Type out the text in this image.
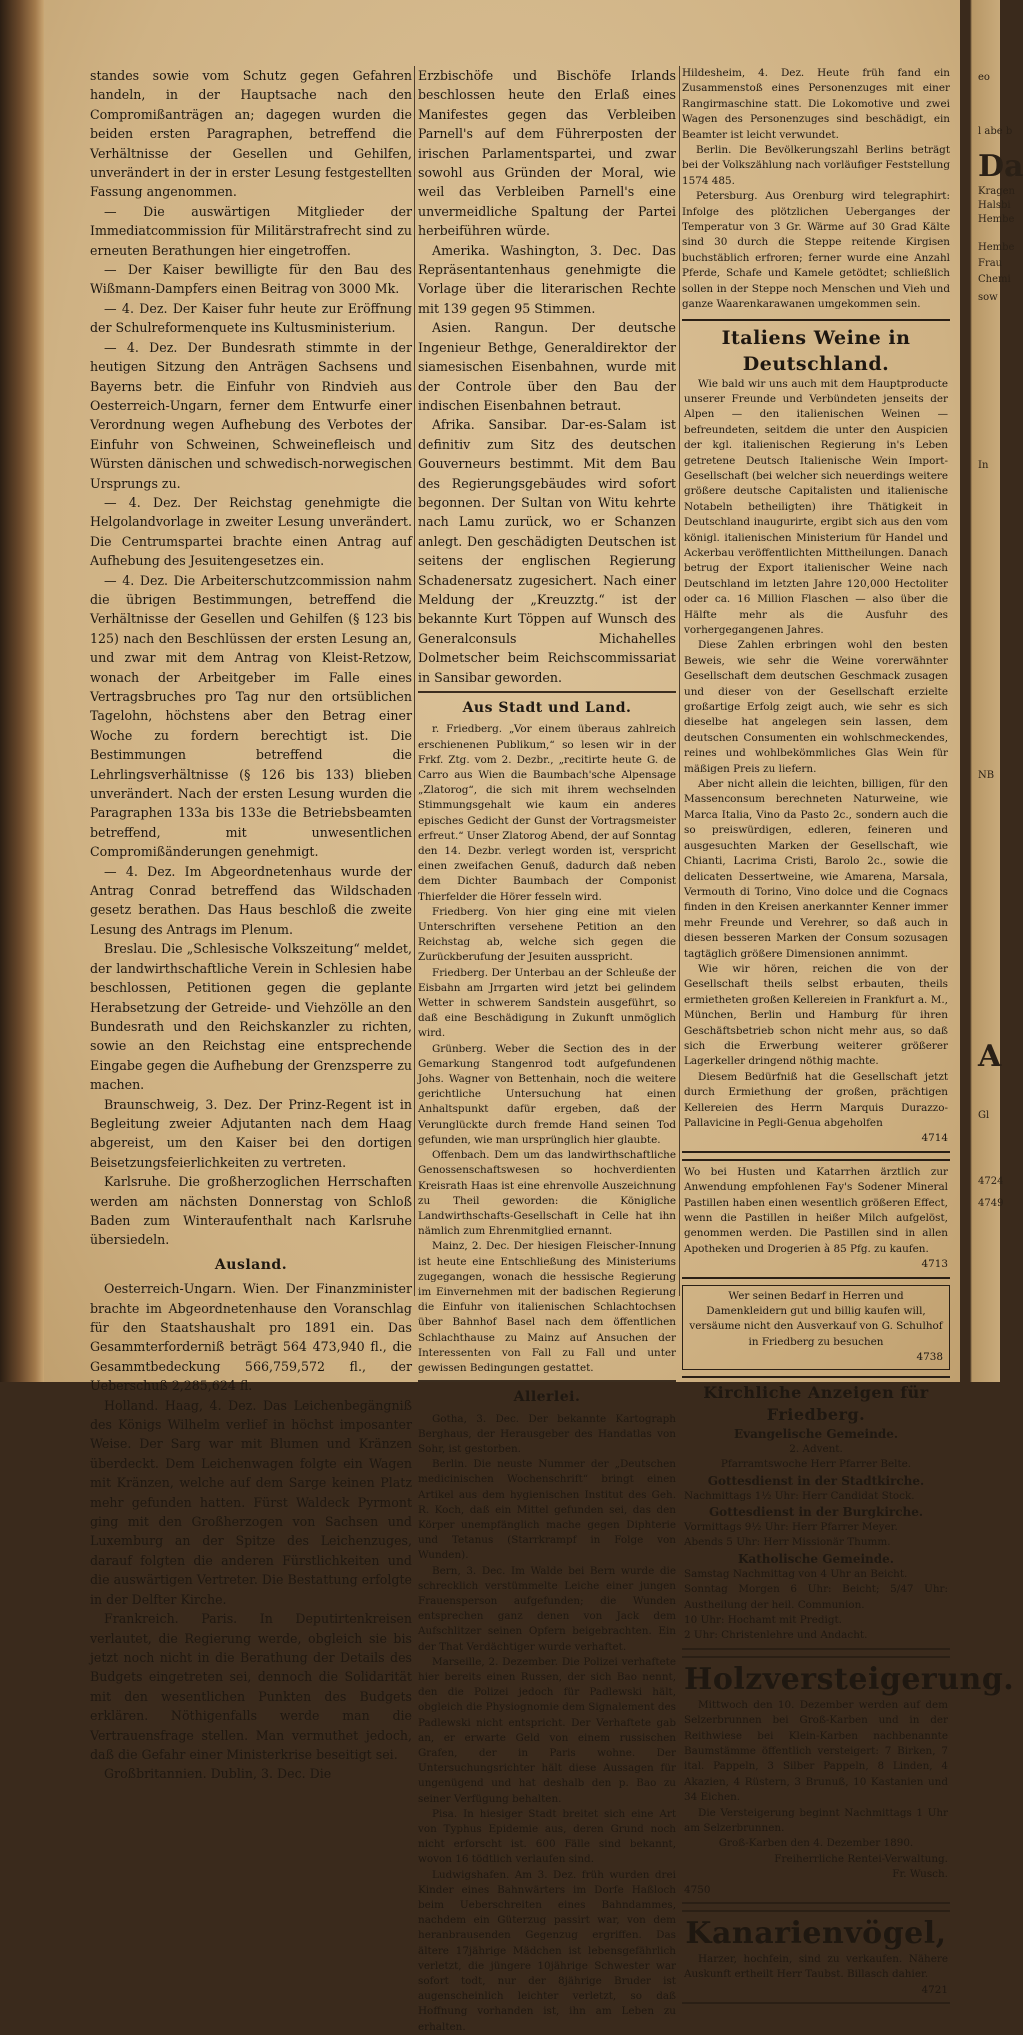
standes sowie vom Schutz gegen Gefahren handeln, in der Hauptsache nach den Compromißanträgen an; dagegen wurden die beiden ersten Paragraphen, betreffend die Verhältnisse der Gesellen und Gehilfen, unverändert in der in erster Lesung festgestellten Fassung angenommen.

— Die auswärtigen Mitglieder der Immediatcommission für Militärstrafrecht sind zu erneuten Berathungen hier eingetroffen.

— Der Kaiser bewilligte für den Bau des Wißmann-Dampfers einen Beitrag von 3000 Mk.

— 4. Dez. Der Kaiser fuhr heute zur Eröffnung der Schulreformenquete ins Kultusministerium.

— 4. Dez. Der Bundesrath stimmte in der heutigen Sitzung den Anträgen Sachsens und Bayerns betr. die Einfuhr von Rindvieh aus Oesterreich-Ungarn, ferner dem Entwurfe einer Verordnung wegen Aufhebung des Verbotes der Einfuhr von Schweinen, Schweinefleisch und Würsten dänischen und schwedisch-norwegischen Ursprungs zu.

— 4. Dez. Der Reichstag genehmigte die Helgolandvorlage in zweiter Lesung unverändert. Die Centrumspartei brachte einen Antrag auf Aufhebung des Jesuitengesetzes ein.

— 4. Dez. Die Arbeiterschutzcommission nahm die übrigen Bestimmungen, betreffend die Verhältnisse der Gesellen und Gehilfen (§ 123 bis 125) nach den Beschlüssen der ersten Lesung an, und zwar mit dem Antrag von Kleist-Retzow, wonach der Arbeitgeber im Falle eines Vertragsbruches pro Tag nur den ortsüblichen Tagelohn, höchstens aber den Betrag einer Woche zu fordern berechtigt ist. Die Bestimmungen betreffend die Lehrlingsverhältnisse (§ 126 bis 133) blieben unverändert. Nach der ersten Lesung wurden die Paragraphen 133a bis 133e die Betriebsbeamten betreffend, mit unwesentlichen Compromißänderungen genehmigt.

— 4. Dez. Im Abgeordnetenhaus wurde der Antrag Conrad betreffend das Wildschaden gesetz berathen. Das Haus beschloß die zweite Lesung des Antrags im Plenum.

Breslau. Die „Schlesische Volkszeitung“ meldet, der landwirthschaftliche Verein in Schlesien habe beschlossen, Petitionen gegen die geplante Herabsetzung der Getreide- und Viehzölle an den Bundesrath und den Reichskanzler zu richten, sowie an den Reichstag eine entsprechende Eingabe gegen die Aufhebung der Grenzsperre zu machen.

Braunschweig, 3. Dez. Der Prinz-Regent ist in Begleitung zweier Adjutanten nach dem Haag abgereist, um den Kaiser bei den dortigen Beisetzungsfeierlichkeiten zu vertreten.

Karlsruhe. Die großherzoglichen Herrschaften werden am nächsten Donnerstag von Schloß Baden zum Winteraufenthalt nach Karlsruhe übersiedeln.

Ausland.

Oesterreich-Ungarn. Wien. Der Finanzminister brachte im Abgeordnetenhause den Voranschlag für den Staatshaushalt pro 1891 ein. Das Gesammterforderniß beträgt 564 473,940 fl., die Gesammtbedeckung 566,759,572 fl., der Ueberschuß 2,285,624 fl.

Holland. Haag, 4. Dez. Das Leichenbegängniß des Königs Wilhelm verlief in höchst imposanter Weise. Der Sarg war mit Blumen und Kränzen überdeckt. Dem Leichenwagen folgte ein Wagen mit Kränzen, welche auf dem Sarge keinen Platz mehr gefunden hatten. Fürst Waldeck Pyrmont ging mit den Großherzogen von Sachsen und Luxemburg an der Spitze des Leichenzuges, darauf folgten die anderen Fürstlichkeiten und die auswärtigen Vertreter. Die Bestattung erfolgte in der Delfter Kirche.

Frankreich. Paris. In Deputirtenkreisen verlautet, die Regierung werde, obgleich sie bis jetzt noch nicht in die Berathung der Details des Budgets eingetreten sei, dennoch die Solidarität mit den wesentlichen Punkten des Budgets erklären. Nöthigenfalls werde man die Vertrauensfrage stellen. Man vermuthet jedoch, daß die Gefahr einer Ministerkrise beseitigt sei.

Großbritannien. Dublin, 3. Dec. Die

Erzbischöfe und Bischöfe Irlands beschlossen heute den Erlaß eines Manifestes gegen das Verbleiben Parnell's auf dem Führerposten der irischen Parlamentspartei, und zwar sowohl aus Gründen der Moral, wie weil das Verbleiben Parnell's eine unvermeidliche Spaltung der Partei herbeiführen würde.

Amerika. Washington, 3. Dec. Das Repräsentantenhaus genehmigte die Vorlage über die literarischen Rechte mit 139 gegen 95 Stimmen.

Asien. Rangun. Der deutsche Ingenieur Bethge, Generaldirektor der siamesischen Eisenbahnen, wurde mit der Controle über den Bau der indischen Eisenbahnen betraut.

Afrika. Sansibar. Dar-es-Salam ist definitiv zum Sitz des deutschen Gouverneurs bestimmt. Mit dem Bau des Regierungsgebäudes wird sofort begonnen. Der Sultan von Witu kehrte nach Lamu zurück, wo er Schanzen anlegt. Den geschädigten Deutschen ist seitens der englischen Regierung Schadenersatz zugesichert. Nach einer Meldung der „Kreuzztg.“ ist der bekannte Kurt Töppen auf Wunsch des Generalconsuls Michahelles Dolmetscher beim Reichscommissariat in Sansibar geworden.

Aus Stadt und Land.

r. Friedberg. „Vor einem überaus zahlreich erschienenen Publikum,“ so lesen wir in der Frkf. Ztg. vom 2. Dezbr., „recitirte heute G. de Carro aus Wien die Baumbach'sche Alpensage „Zlatorog“, die sich mit ihrem wechselnden Stimmungsgehalt wie kaum ein anderes episches Gedicht der Gunst der Vortragsmeister erfreut.“ Unser Zlatorog Abend, der auf Sonntag den 14. Dezbr. verlegt worden ist, verspricht einen zweifachen Genuß, dadurch daß neben dem Dichter Baumbach der Componist Thierfelder die Hörer fesseln wird.

Friedberg. Von hier ging eine mit vielen Unterschriften versehene Petition an den Reichstag ab, welche sich gegen die Zurückberufung der Jesuiten ausspricht.

Friedberg. Der Unterbau an der Schleuße der Eisbahn am Jrrgarten wird jetzt bei gelindem Wetter in schwerem Sandstein ausgeführt, so daß eine Beschädigung in Zukunft unmöglich wird.

Grünberg. Weber die Section des in der Gemarkung Stangenrod todt aufgefundenen Johs. Wagner von Bettenhain, noch die weitere gerichtliche Untersuchung hat einen Anhaltspunkt dafür ergeben, daß der Verunglückte durch fremde Hand seinen Tod gefunden, wie man ursprünglich hier glaubte.

Offenbach. Dem um das landwirthschaftliche Genossenschaftswesen so hochverdienten Kreisrath Haas ist eine ehrenvolle Auszeichnung zu Theil geworden: die Königliche Landwirthschafts-Gesellschaft in Celle hat ihn nämlich zum Ehrenmitglied ernannt.

Mainz, 2. Dec. Der hiesigen Fleischer-Innung ist heute eine Entschließung des Ministeriums zugegangen, wonach die hessische Regierung im Einvernehmen mit der badischen Regierung die Einfuhr von italienischen Schlachtochsen über Bahnhof Basel nach dem öffentlichen Schlachthause zu Mainz auf Ansuchen der Interessenten von Fall zu Fall und unter gewissen Bedingungen gestattet.

Allerlei.

Gotha, 3. Dec. Der bekannte Kartograph Berghaus, der Herausgeber des Handatlas von Sohr, ist gestorben.

Berlin. Die neuste Nummer der „Deutschen medicinischen Wochenschrift“ bringt einen Artikel aus dem hygienischen Institut des Geh. R. Koch, daß ein Mittel gefunden sei, das den Körper unempfänglich mache gegen Diphterie und Tetanus (Starrkrampf in Folge von Wunden).

Bern, 3. Dec. Im Walde bei Bern wurde die schrecklich verstümmelte Leiche einer jungen Frauensperson aufgefunden; die Wunden entsprechen ganz denen von Jack dem Aufschlitzer seinen Opfern beigebrachten. Ein der That Verdächtiger wurde verhaftet.

Marseille, 2. Dezember. Die Polizei verhaftete hier bereits einen Russen, der sich Bao nennt, den die Polizei jedoch für Padlewski hält, obgleich die Physiognomie dem Signalement des Padlewski nicht entspricht. Der Verhaftete gab an, er erwarte Geld von einem russischen Grafen, der in Paris wohne. Der Untersuchungsrichter hält diese Aussagen für ungenügend und hat deshalb den p. Bao zu seiner Verfügung behalten.

Pisa. In hiesiger Stadt breitet sich eine Art von Typhus Epidemie aus, deren Grund noch nicht erforscht ist. 600 Fälle sind bekannt, wovon 16 tödtlich verlaufen sind.

Ludwigshafen. Am 3. Dez. früh wurden drei Kinder eines Bahnwärters im Dorfe Haßloch beim Ueberschreiten eines Bahndammes, nachdem ein Güterzug passirt war, von dem heranbrausenden Gegenzug ergriffen. Das ältere 17jährige Mädchen ist lebensgefährlich verletzt, die jüngere 10jährige Schwester war sofort todt, nur der 8jährige Bruder ist augenscheinlich leichter verletzt, so daß Hoffnung vorhanden ist, ihn am Leben zu erhalten.

Hildesheim, 4. Dez. Heute früh fand ein Zusammenstoß eines Personenzuges mit einer Rangirmaschine statt. Die Lokomotive und zwei Wagen des Personenzuges sind beschädigt, ein Beamter ist leicht verwundet.

Berlin. Die Bevölkerungszahl Berlins beträgt bei der Volkszählung nach vorläufiger Feststellung 1574 485.

Petersburg. Aus Orenburg wird telegraphirt: Infolge des plötzlichen Ueberganges der Temperatur von 3 Gr. Wärme auf 30 Grad Kälte sind 30 durch die Steppe reitende Kirgisen buchstäblich erfroren; ferner wurde eine Anzahl Pferde, Schafe und Kamele getödtet; schließlich sollen in der Steppe noch Menschen und Vieh und ganze Waarenkarawanen umgekommen sein.

Italiens Weine in Deutschland.

Wie bald wir uns auch mit dem Hauptproducte unserer Freunde und Verbündeten jenseits der Alpen — den italienischen Weinen — befreundeten, seitdem die unter den Auspicien der kgl. italienischen Regierung in's Leben getretene Deutsch Italienische Wein Import-Gesellschaft (bei welcher sich neuerdings weitere größere deutsche Capitalisten und italienische Notabeln betheiligten) ihre Thätigkeit in Deutschland inaugurirte, ergibt sich aus den vom königl. italienischen Ministerium für Handel und Ackerbau veröffentlichten Mittheilungen. Danach betrug der Export italienischer Weine nach Deutschland im letzten Jahre 120,000 Hectoliter oder ca. 16 Million Flaschen — also über die Hälfte mehr als die Ausfuhr des vorhergegangenen Jahres.

Diese Zahlen erbringen wohl den besten Beweis, wie sehr die Weine vorerwähnter Gesellschaft dem deutschen Geschmack zusagen und dieser von der Gesellschaft erzielte großartige Erfolg zeigt auch, wie sehr es sich dieselbe hat angelegen sein lassen, dem deutschen Consumenten ein wohlschmeckendes, reines und wohlbekömmliches Glas Wein für mäßigen Preis zu liefern.

Aber nicht allein die leichten, billigen, für den Massenconsum berechneten Naturweine, wie Marca Italia, Vino da Pasto 2c., sondern auch die so preiswürdigen, edleren, feineren und ausgesuchten Marken der Gesellschaft, wie Chianti, Lacrima Cristi, Barolo 2c., sowie die delicaten Dessertweine, wie Amarena, Marsala, Vermouth di Torino, Vino dolce und die Cognacs finden in den Kreisen anerkannter Kenner immer mehr Freunde und Verehrer, so daß auch in diesen besseren Marken der Consum sozusagen tagtäglich größere Dimensionen annimmt.

Wie wir hören, reichen die von der Gesellschaft theils selbst erbauten, theils ermietheten großen Kellereien in Frankfurt a. M., München, Berlin und Hamburg für ihren Geschäftsbetrieb schon nicht mehr aus, so daß sich die Erwerbung weiterer größerer Lagerkeller dringend nöthig machte.

Diesem Bedürfniß hat die Gesellschaft jetzt durch Ermiethung der großen, prächtigen Kellereien des Herrn Marquis Durazzo-Pallavicine in Pegli-Genua abgeholfen

4714

Wo bei Husten und Katarrhen ärztlich zur Anwendung empfohlenen Fay's Sodener Mineral Pastillen haben einen wesentlich größeren Effect, wenn die Pastillen in heißer Milch aufgelöst, genommen werden. Die Pastillen sind in allen Apotheken und Drogerien à 85 Pfg. zu kaufen.

4713
Wer seinen Bedarf in Herren und Damenkleidern gut und billig kaufen will, versäume nicht den Ausverkauf von G. Schulhof in Friedberg zu besuchen
4738
Kirchliche Anzeigen für Friedberg.
Evangelische Gemeinde.
2. Advent.
Pfarramtswoche Herr Pfarrer Belte.
Gottesdienst in der Stadtkirche.
Nachmittags 1½ Uhr: Herr Candidat Stock.
Gottesdienst in der Burgkirche.
Vormittags 9½ Uhr: Herr Pfarrer Meyer.
Abends 5 Uhr: Herr Missionär Thumm.
Katholische Gemeinde.
Samstag Nachmittag von 4 Uhr an Beicht.
Sonntag Morgen 6 Uhr: Beicht; 5/47 Uhr: Austheilung der heil. Communion.
10 Uhr: Hochamt mit Predigt.
2 Uhr: Christenlehre und Andacht.
Holzversteigerung.

Mittwoch den 10. Dezember werden auf dem Selzerbrunnen bei Groß-Karben und in der Reithwiese bei Klein-Karben nachbenannte Baumstämme öffentlich versteigert: 7 Birken, 7 ital. Pappeln, 3 Silber Pappeln, 8 Linden, 4 Akazien, 4 Rüstern, 3 Brunuß, 10 Kastanien und 34 Eichen.

Die Versteigerung beginnt Nachmittags 1 Uhr am Selzerbrunnen.

Groß-Karben den 4. Dezember 1890.
Freiherrliche Rentei-Verwaltung.
Fr. Wusch.
4750
Kanarienvögel,

Harzer, hochfein, sind zu verkaufen. Nähere Auskunft ertheilt Herr Taubst. Billasch dahier.

4721
eo
l abe b
Da
Kragen
Halsbi
Hembe
Hembe
Frau
Chemi
sow
In
NB
A
Gl
4724
4749
